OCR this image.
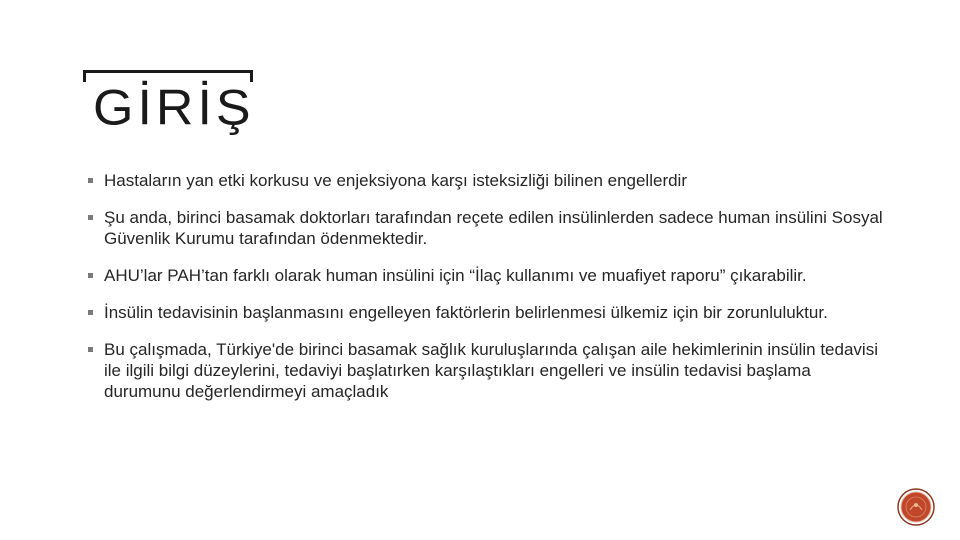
GİRİŞ
Hastaların yan etki korkusu ve enjeksiyona karşı isteksizliği bilinen engellerdir
Şu anda, birinci basamak doktorları tarafından reçete edilen insülinlerden sadece human insülini Sosyal Güvenlik Kurumu tarafından ödenmektedir.
AHU’lar PAH’tan farklı olarak human insülini için “İlaç kullanımı ve muafiyet raporu” çıkarabilir.
İnsülin tedavisinin başlanmasını engelleyen faktörlerin belirlenmesi ülkemiz için bir zorunluluktur.
Bu çalışmada, Türkiye'de birinci basamak sağlık kuruluşlarında çalışan aile hekimlerinin insülin tedavisi ile ilgili bilgi düzeylerini, tedaviyi başlatırken karşılaştıkları engelleri ve insülin tedavisi başlama durumunu değerlendirmeyi amaçladık
